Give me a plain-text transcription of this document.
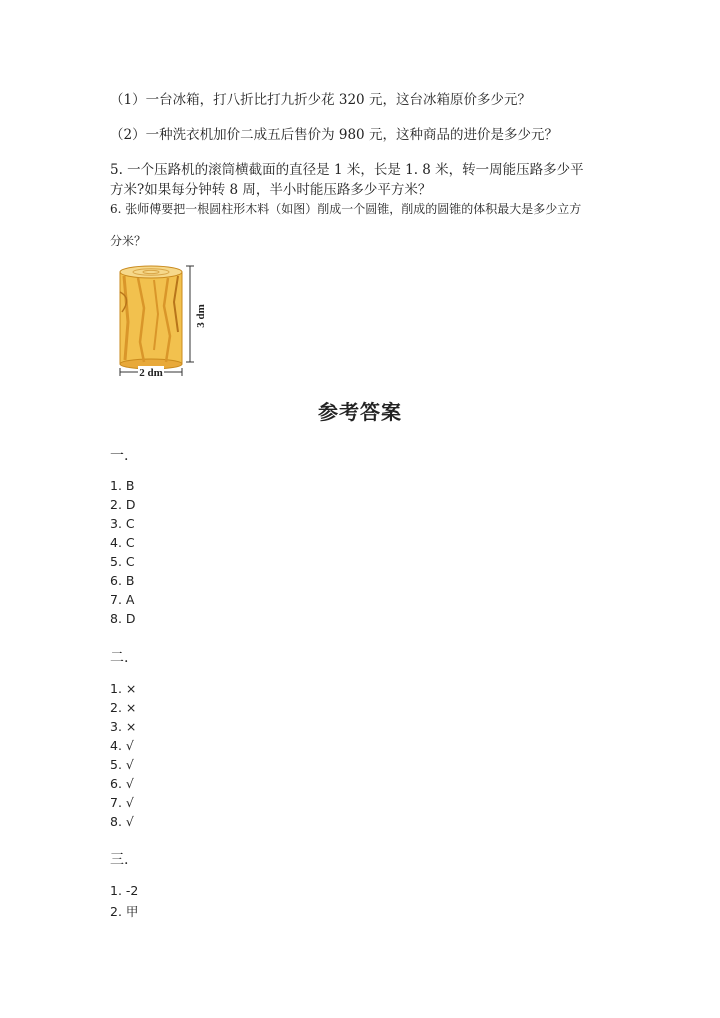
（1）一台冰箱，打八折比打九折少花 320 元，这台冰箱原价多少元？
（2）一种洗衣机加价二成五后售价为 980 元，这种商品的进价是多少元？
5. 一个压路机的滚筒横截面的直径是 1 米，长是 1. 8 米，转一周能压路多少平
方米?如果每分钟转 8 周，半小时能压路多少平方米？
6. 张师傅要把一根圆柱形木料（如图）削成一个圆锥，削成的圆锥的体积最大是多少立方
分米？
3 dm
2 dm
参考答案
一.
1. B
2. D
3. C
4. C
5. C
6. B
7. A
8. D
二.
1. ×
2. ×
3. ×
4. √
5. √
6. √
7. √
8. √
三.
1. -2
2. 甲
